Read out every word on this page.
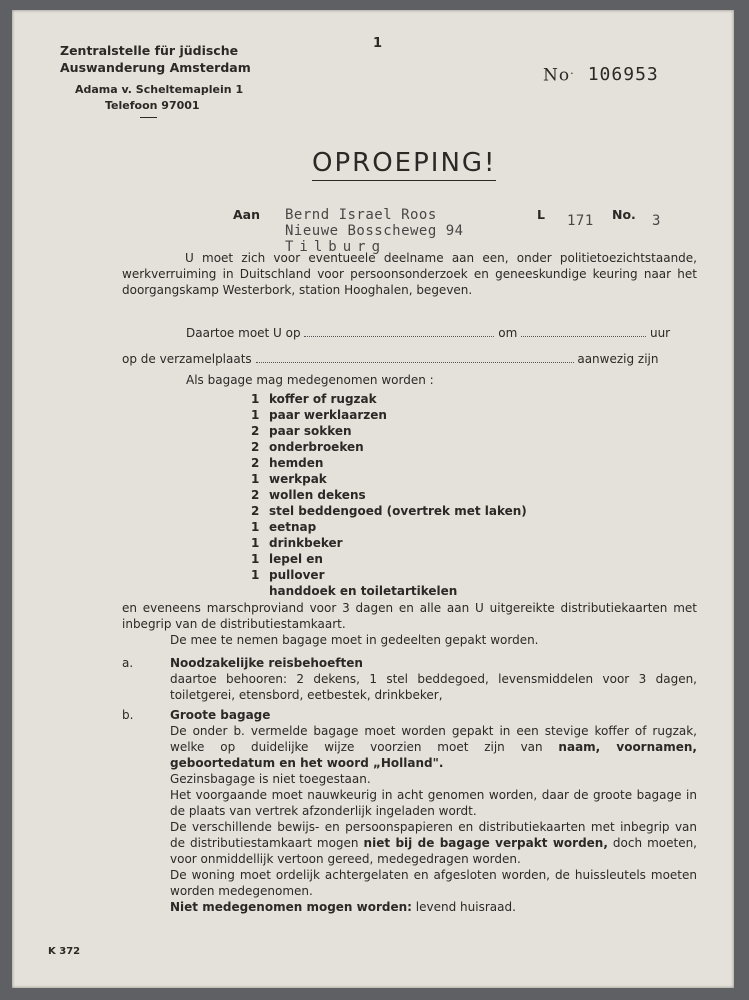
Zentralstelle für jüdische
Auswanderung Amsterdam
Adama v. Scheltemaplein 1
Telefoon 97001
1
No. 106953
OPROEPING!
Aan Bernd Israel Roos
Nieuwe Bosscheweg 94
Tilburg
L 171 No. 3
U moet zich voor eventueele deelname aan een, onder politietoezichtstaande, werkverruiming in Duitschland voor persoonsonderzoek en geneeskundige keuring naar het doorgangskamp Westerbork, station Hooghalen, begeven.
Daartoe moet U op	om	uur
op de verzamelplaats	aanwezig zijn
Als bagage mag medegenomen worden :
1 koffer of rugzak
1 paar werklaarzen
2 paar sokken
2 onderbroeken
2 hemden
1 werkpak
2 wollen dekens
2 stel beddengoed (overtrek met laken)
1 eetnap
1 drinkbeker
1 lepel en
1 pullover
handdoek en toiletartikelen
en eveneens marschproviand voor 3 dagen en alle aan U uitgereikte distributiekaarten met inbegrip van de distributiestamkaart.
De mee te nemen bagage moet in gedeelten gepakt worden.
a.	Noodzakelijke reisbehoeften
daartoe behooren: 2 dekens, 1 stel beddegoed, levensmiddelen voor 3 dagen, toiletgerei, etensbord, eetbestek, drinkbeker,
b.	Groote bagage
De onder b. vermelde bagage moet worden gepakt in een stevige koffer of rugzak, welke op duidelijke wijze voorzien moet zijn van naam, voornamen, geboortedatum en het woord „Holland".
Gezinsbagage is niet toegestaan.
Het voorgaande moet nauwkeurig in acht genomen worden, daar de groote bagage in de plaats van vertrek afzonderlijk ingeladen wordt.
De verschillende bewijs- en persoonspapieren en distributiekaarten met inbegrip van de distributiestamkaart mogen niet bij de bagage verpakt worden, doch moeten, voor onmiddellijk vertoon gereed, medegedragen worden.
De woning moet ordelijk achtergelaten en afgesloten worden, de huissleutels moeten worden medegenomen.
Niet medegenomen mogen worden: levend huisraad.
K 372
